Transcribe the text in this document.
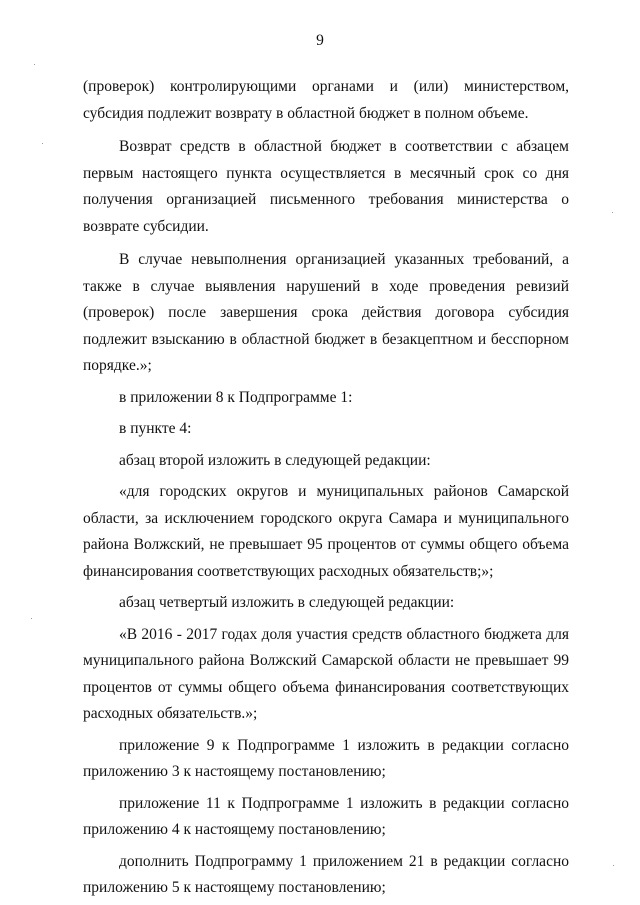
9

(проверок) контролирующими органами и (или) министерством, субсидия подлежит возврату в областной бюджет в полном объеме.

Возврат средств в областной бюджет в соответствии с абзацем первым настоящего пункта осуществляется в месячный срок со дня получения организацией письменного требования министерства о возврате субсидии.

В случае невыполнения организацией указанных требований, а также в случае выявления нарушений в ходе проведения ревизий (проверок) после завершения срока действия договора субсидия подлежит взысканию в областной бюджет в безакцептном и бесспорном порядке.»;

в приложении 8 к Подпрограмме 1:

в пункте 4:

абзац второй изложить в следующей редакции:

«для городских округов и муниципальных районов Самарской области, за исключением городского округа Самара и муниципального района Волжский, не превышает 95 процентов от суммы общего объема финансирования соответствующих расходных обязательств;»;

абзац четвертый изложить в следующей редакции:

«В 2016 - 2017 годах доля участия средств областного бюджета для муниципального района Волжский Самарской области не превышает 99 процентов от суммы общего объема финансирования соответствующих расходных обязательств.»;

приложение 9 к Подпрограмме 1 изложить в редакции согласно приложению 3 к настоящему постановлению;

приложение 11 к Подпрограмме 1 изложить в редакции согласно приложению 4 к настоящему постановлению;

дополнить Подпрограмму 1 приложением 21 в редакции согласно приложению 5 к настоящему постановлению;
